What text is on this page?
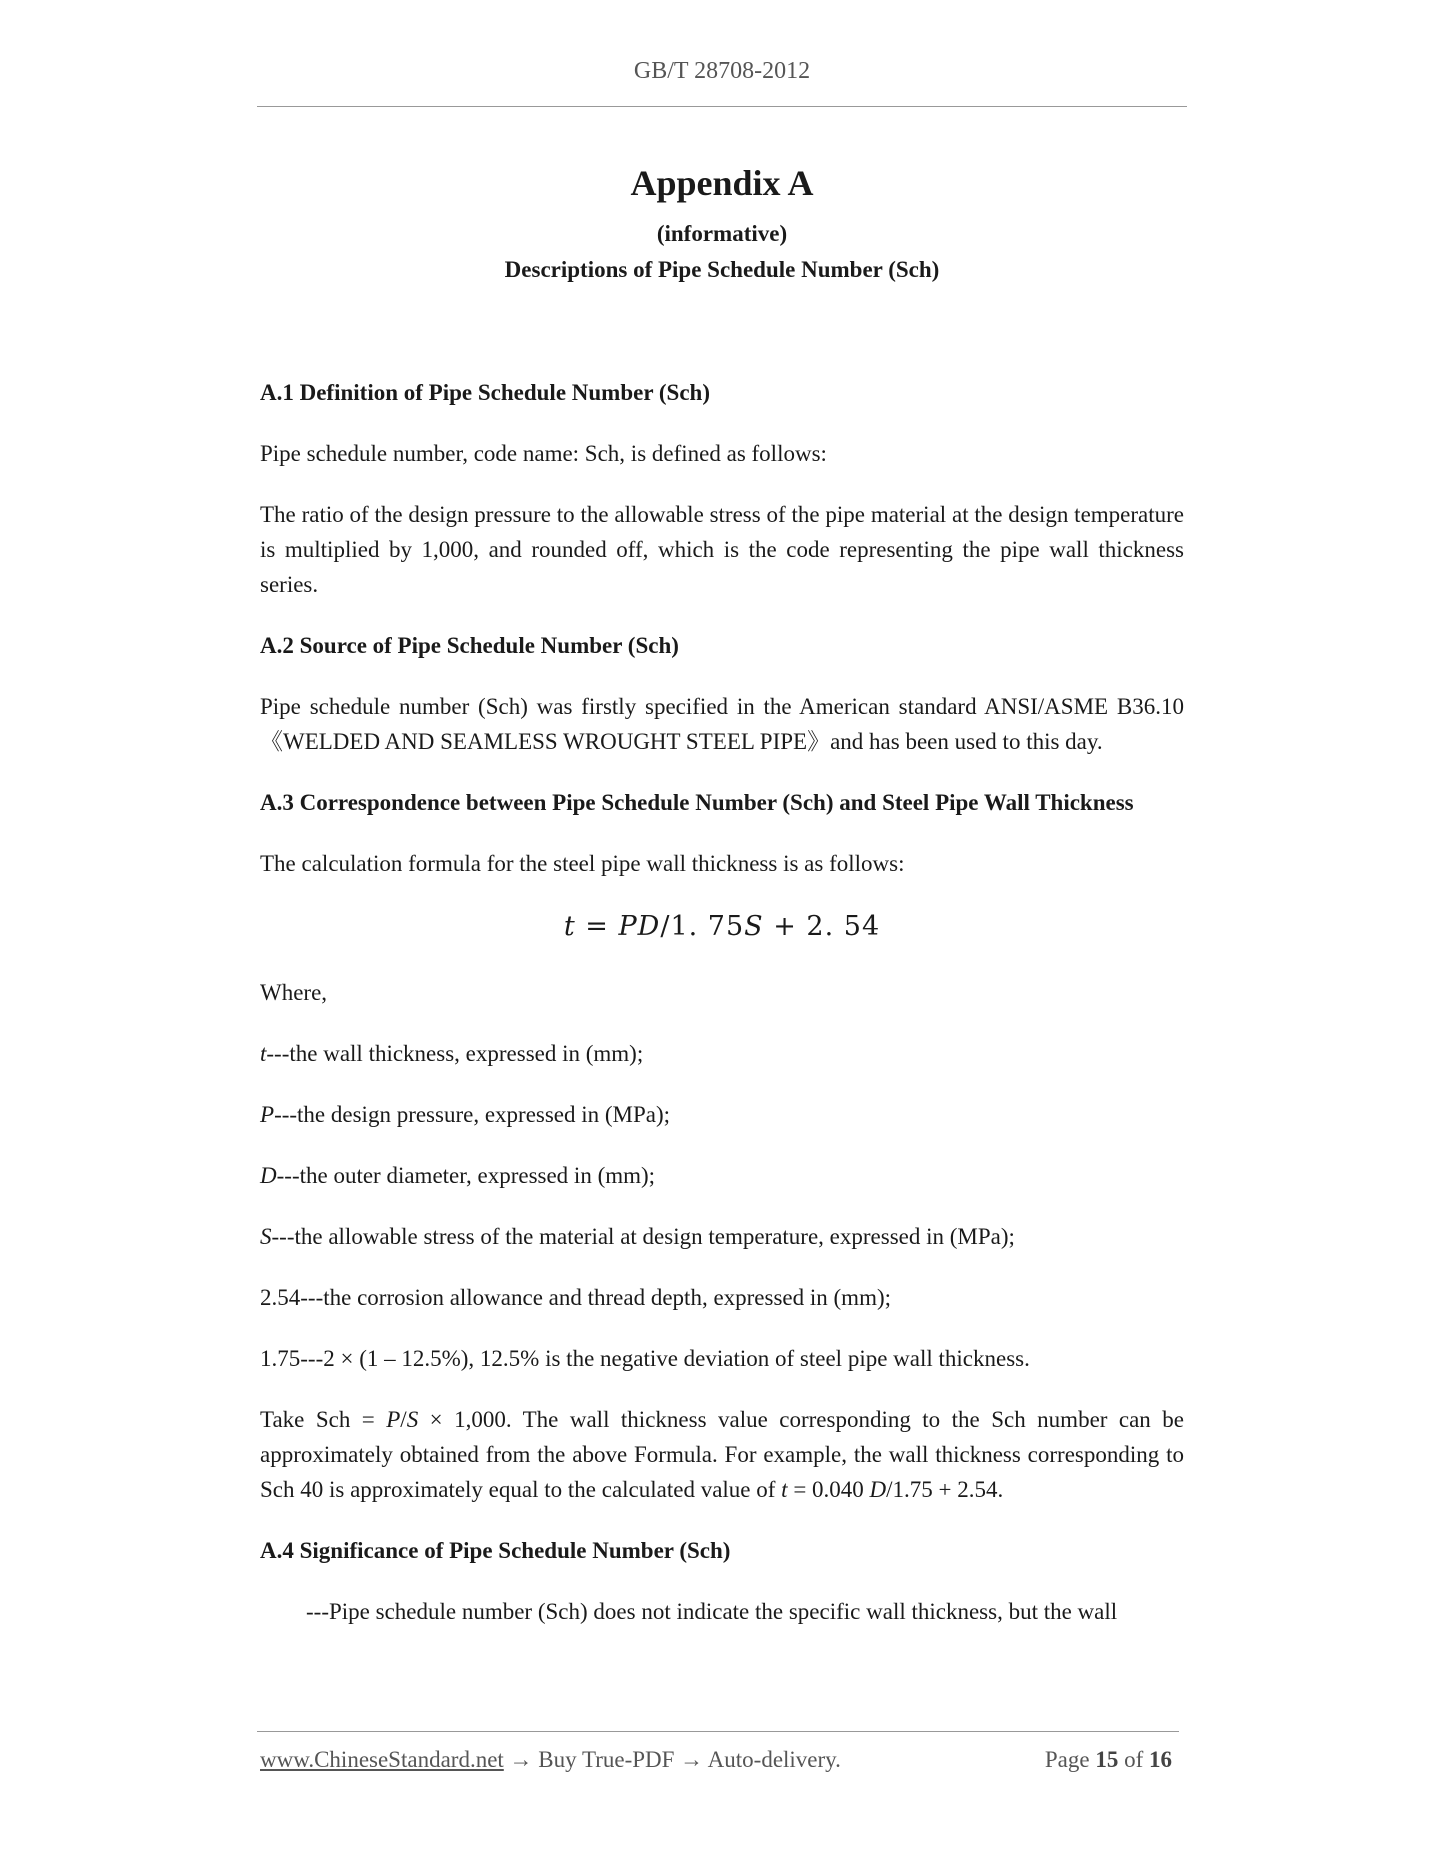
GB/T 28708-2012
Appendix A
(informative)
Descriptions of Pipe Schedule Number (Sch)
A.1 Definition of Pipe Schedule Number (Sch)

Pipe schedule number, code name: Sch, is defined as follows:

The ratio of the design pressure to the allowable stress of the pipe material at the design temperature is multiplied by 1,000, and rounded off, which is the code representing the pipe wall thickness series.

A.2 Source of Pipe Schedule Number (Sch)

Pipe schedule number (Sch) was firstly specified in the American standard ANSI/ASME B36.10《WELDED AND SEAMLESS WROUGHT STEEL PIPE》and has been used to this day.

A.3 Correspondence between Pipe Schedule Number (Sch) and Steel Pipe Wall Thickness

The calculation formula for the steel pipe wall thickness is as follows:

t = PD/1. 75S + 2. 54

Where,

t---the wall thickness, expressed in (mm);

P---the design pressure, expressed in (MPa);

D---the outer diameter, expressed in (mm);

S---the allowable stress of the material at design temperature, expressed in (MPa);

2.54---the corrosion allowance and thread depth, expressed in (mm);

1.75---2 × (1 – 12.5%), 12.5% is the negative deviation of steel pipe wall thickness.

Take Sch = P/S × 1,000. The wall thickness value corresponding to the Sch number can be approximately obtained from the above Formula. For example, the wall thickness corresponding to Sch 40 is approximately equal to the calculated value of t = 0.040 D/1.75 + 2.54.

A.4 Significance of Pipe Schedule Number (Sch)

---Pipe schedule number (Sch) does not indicate the specific wall thickness, but the wall

www.ChineseStandard.net → Buy True-PDF → Auto-delivery.	Page 15 of 16
